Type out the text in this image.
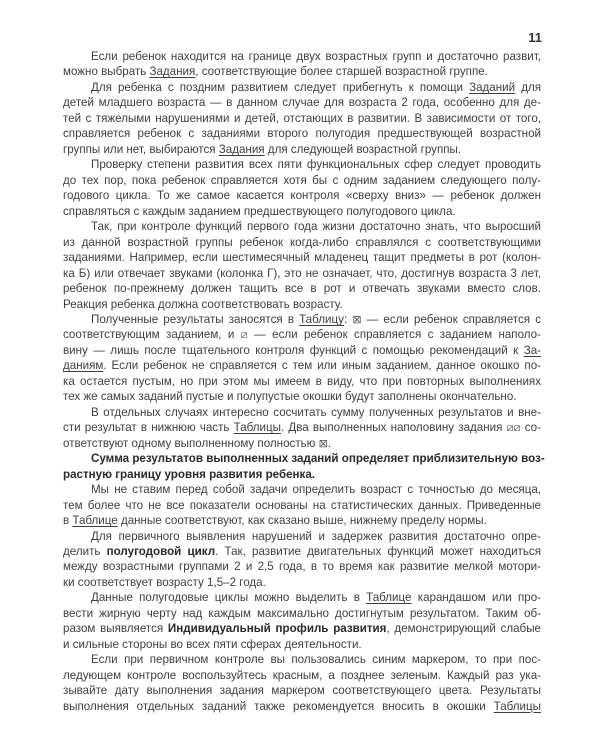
11
Если ребенок находится на границе двух возрастных групп и достаточно развит,
можно выбрать Задания, соответствующие более старшей возрастной группе.
Для ребенка с поздним развитием следует прибегнуть к помощи Заданий для
детей младшего возраста — в данном случае для возраста 2 года, особенно для де-
тей с тяжелыми нарушениями и детей, отстающих в развитии. В зависимости от того,
справляется ребенок с заданиями второго полугодия предшествующей возрастной
группы или нет, выбираются Задания для следующей возрастной группы.
Проверку степени развития всех пяти функциональных сфер следует проводить
до тех пор, пока ребенок справляется хотя бы с одним заданием следующего полу-
годового цикла. То же самое касается контроля «сверху вниз» — ребенок должен
справляться с каждым заданием предшествующего полугодового цикла.
Так, при контроле функций первого года жизни достаточно знать, что выросший
из данной возрастной группы ребенок когда-либо справлялся с соответствующими
заданиями. Например, если шестимесячный младенец тащит предметы в рот (колон-
ка Б) или отвечает звуками (колонка Г), это не означает, что, достигнув возраста 3 лет,
ребенок по-прежнему должен тащить все в рот и отвечать звуками вместо слов.
Реакция ребенка должна соответствовать возрасту.
Полученные результаты заносятся в Таблицу: ⊠ — если ребенок справляется с
соответствующим заданием, и ⧄ — если ребенок справляется с заданием наполо-
вину — лишь после тщательного контроля функций с помощью рекомендаций к За-
даниям. Если ребенок не справляется с тем или иным заданием, данное окошко по-
ка остается пустым, но при этом мы имеем в виду, что при повторных выполнениях
тех же самых заданий пустые и полупустые окошки будут заполнены окончательно.
В отдельных случаях интересно сосчитать сумму полученных результатов и вне-
сти результат в нижнюю часть Таблицы. Два выполненных наполовину задания ⧄⧄ со-
ответствуют одному выполненному полностью ⊠.
Сумма результатов выполненных заданий определяет приблизительную воз-
растную границу уровня развития ребенка.
Мы не ставим перед собой задачи определить возраст с точностью до месяца,
тем более что не все показатели основаны на статистических данных. Приведенные
в Таблице данные соответствуют, как сказано выше, нижнему пределу нормы.
Для первичного выявления нарушений и задержек развития достаточно опре-
делить полугодовой цикл. Так, развитие двигательных функций может находиться
между возрастными группами 2 и 2,5 года, в то время как развитие мелкой мотори-
ки соответствует возрасту 1,5–2 года.
Данные полугодовые циклы можно выделить в Таблице карандашом или про-
вести жирную черту над каждым максимально достигнутым результатом. Таким об-
разом выявляется Индивидуальный профиль развития, демонстрирующий слабые
и сильные стороны во всех пяти сферах деятельности.
Если при первичном контроле вы пользовались синим маркером, то при пос-
ледующем контроле воспользуйтесь красным, а позднее зеленым. Каждый раз ука-
зывайте дату выполнения задания маркером соответствующего цвета. Результаты
выполнения отдельных заданий также рекомендуется вносить в окошки Таблицы
